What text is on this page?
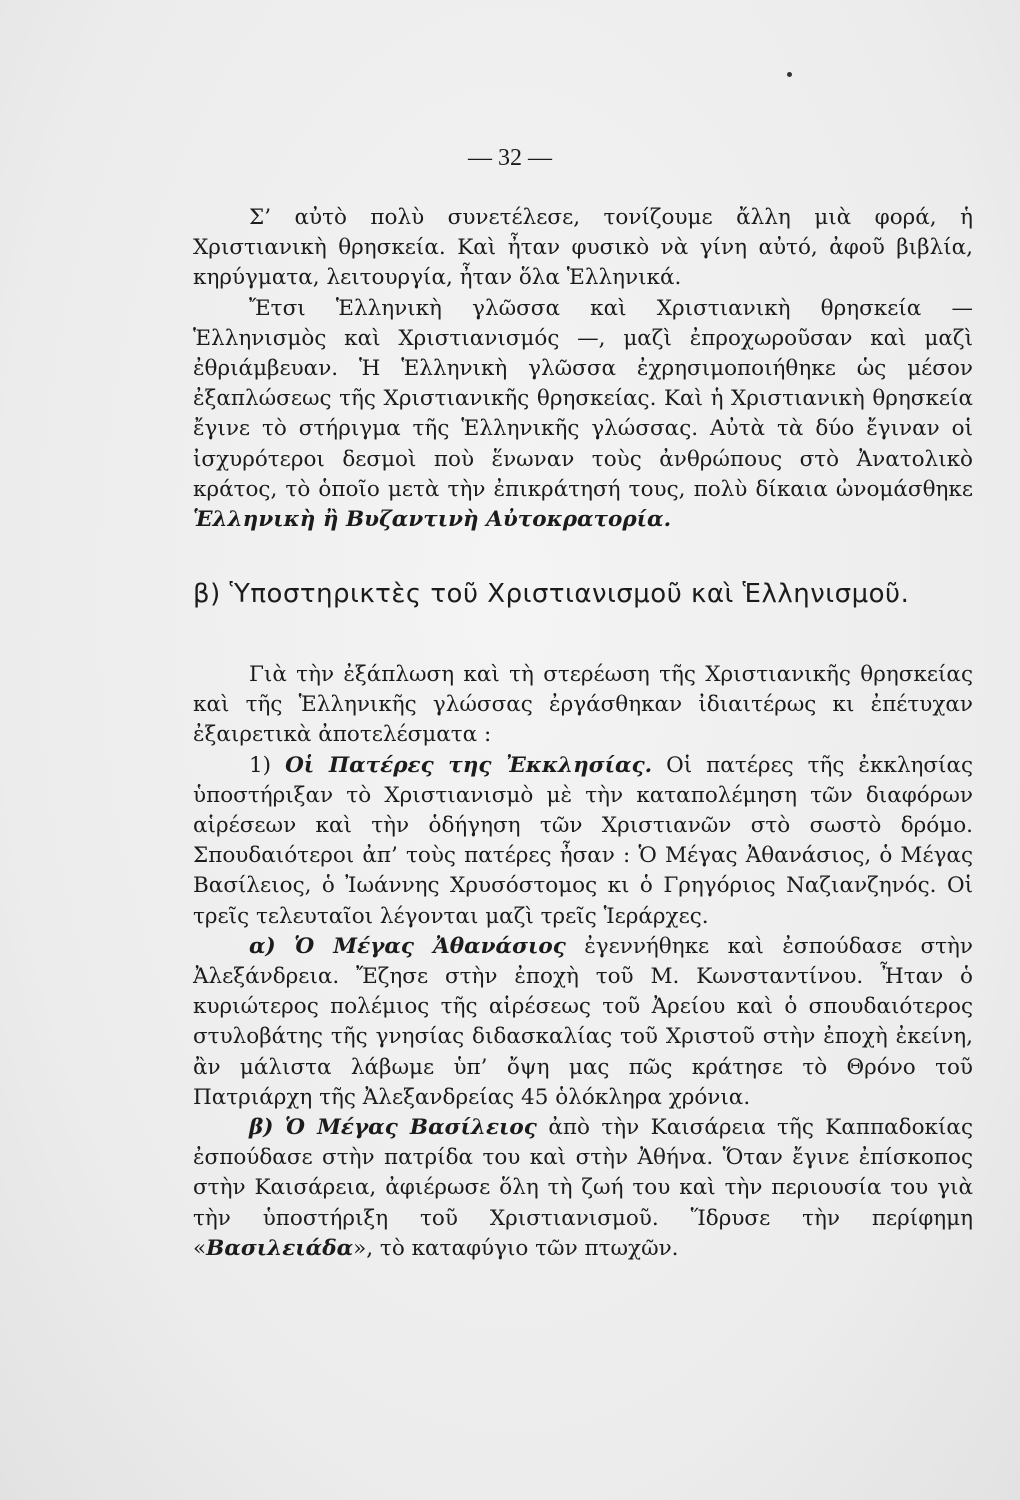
— 32 —

Σ’ αὐτὸ πολὺ συνετέλεσε, τονίζουμε ἄλλη μιὰ φορά, ἡ Χριστιανικὴ θρησκεία. Καὶ ἦταν φυσικὸ νὰ γίνη αὐτό, ἀφοῦ βιβλία, κηρύγματα, λειτουργία, ἦταν ὅλα Ἑλληνικά.

Ἔτσι Ἑλληνικὴ γλῶσσα καὶ Χριστιανικὴ θρησκεία — Ἑλληνισμὸς καὶ Χριστιανισμός —, μαζὶ ἐπροχωροῦσαν καὶ μαζὶ ἐθριάμβευαν. Ἡ Ἑλληνικὴ γλῶσσα ἐχρησιμοποιήθηκε ὡς μέσον ἐξαπλώσεως τῆς Χριστιανικῆς θρησκείας. Καὶ ἡ Χριστιανικὴ θρησκεία ἔγινε τὸ στήριγμα τῆς Ἑλληνικῆς γλώσσας. Αὐτὰ τὰ δύο ἔγιναν οἱ ἰσχυρότεροι δεσμοὶ ποὺ ἕνωναν τοὺς ἀνθρώπους στὸ Ἀνατολικὸ κράτος, τὸ ὁποῖο μετὰ τὴν ἐπικράτησή τους, πολὺ δίκαια ὠνομάσθηκε Ἑλληνικὴ ἢ Βυζαντινὴ Αὐτοκρατορία.

β) Ὑποστηρικτὲς τοῦ Χριστιανισμοῦ καὶ Ἑλληνισμοῦ.

Γιὰ τὴν ἐξάπλωση καὶ τὴ στερέωση τῆς Χριστιανικῆς θρησκείας καὶ τῆς Ἑλληνικῆς γλώσσας ἐργάσθηκαν ἰδιαιτέρως κι ἐπέτυχαν ἐξαιρετικὰ ἀποτελέσματα :

1) Οἱ Πατέρες της Ἐκκλησίας. Οἱ πατέρες τῆς ἐκκλησίας ὑποστήριξαν τὸ Χριστιανισμὸ μὲ τὴν καταπολέμηση τῶν διαφόρων αἱρέσεων καὶ τὴν ὁδήγηση τῶν Χριστιανῶν στὸ σωστὸ δρόμο. Σπουδαιότεροι ἀπ’ τοὺς πατέρες ἦσαν : Ὁ Μέγας Ἀθανάσιος, ὁ Μέγας Βασίλειος, ὁ Ἰωάννης Χρυσόστομος κι ὁ Γρηγόριος Ναζιανζηνός. Οἱ τρεῖς τελευταῖοι λέγονται μαζὶ τρεῖς Ἱεράρχες.

α) Ὁ Μέγας Ἀθανάσιος ἐγεννήθηκε καὶ ἐσπούδασε στὴν Ἀλεξάνδρεια. Ἔζησε στὴν ἐποχὴ τοῦ Μ. Κωνσταντίνου. Ἦταν ὁ κυριώτερος πολέμιος τῆς αἱρέσεως τοῦ Ἀρείου καὶ ὁ σπουδαιότερος στυλοβάτης τῆς γνησίας διδασκαλίας τοῦ Χριστοῦ στὴν ἐποχὴ ἐκείνη, ἂν μάλιστα λάβωμε ὑπ’ ὄψη μας πῶς κράτησε τὸ Θρόνο τοῦ Πατριάρχη τῆς Ἀλεξανδρείας 45 ὁλόκληρα χρόνια.

β) Ὁ Μέγας Βασίλειος ἀπὸ τὴν Καισάρεια τῆς Καππαδοκίας ἐσπούδασε στὴν πατρίδα του καὶ στὴν Ἀθήνα. Ὅταν ἔγινε ἐπίσκοπος στὴν Καισάρεια, ἀφιέρωσε ὅλη τὴ ζωή του καὶ τὴν περιουσία του γιὰ τὴν ὑποστήριξη τοῦ Χριστιανισμοῦ. Ἵδρυσε τὴν περίφημη «Βασιλειάδα», τὸ καταφύγιο τῶν πτωχῶν.
